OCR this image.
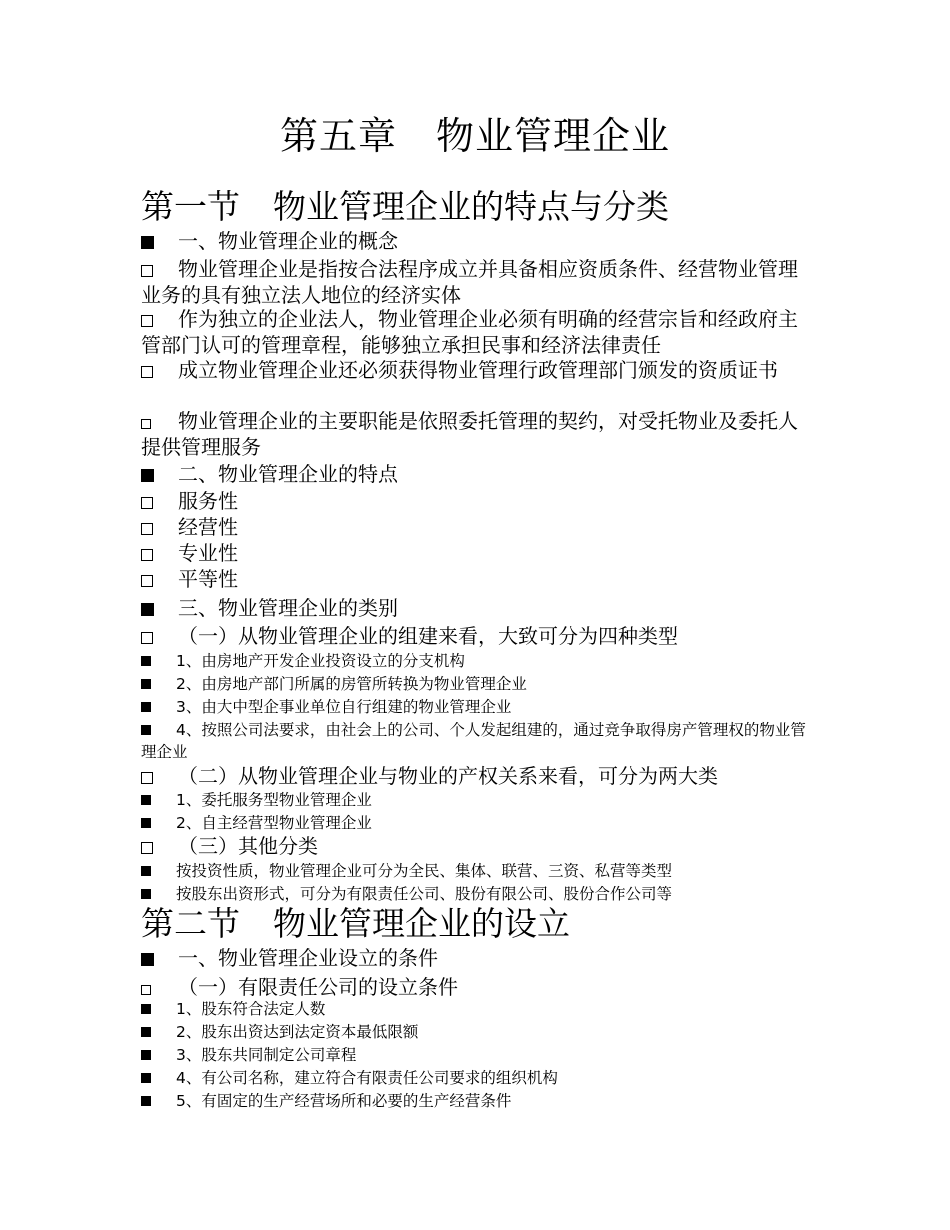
第五章　物业管理企业
第一节　物业管理企业的特点与分类
一、物业管理企业的概念
物业管理企业是指按合法程序成立并具备相应资质条件、经营物业管理业务的具有独立法人地位的经济实体
作为独立的企业法人，物业管理企业必须有明确的经营宗旨和经政府主管部门认可的管理章程，能够独立承担民事和经济法律责任
成立物业管理企业还必须获得物业管理行政管理部门颁发的资质证书
物业管理企业的主要职能是依照委托管理的契约，对受托物业及委托人提供管理服务
二、物业管理企业的特点
服务性
经营性
专业性
平等性
三、物业管理企业的类别
（一）从物业管理企业的组建来看，大致可分为四种类型
1、由房地产开发企业投资设立的分支机构
2、由房地产部门所属的房管所转换为物业管理企业
3、由大中型企事业单位自行组建的物业管理企业
4、按照公司法要求，由社会上的公司、个人发起组建的，通过竞争取得房产管理权的物业管理企业
（二）从物业管理企业与物业的产权关系来看，可分为两大类
1、委托服务型物业管理企业
2、自主经营型物业管理企业
（三）其他分类
按投资性质，物业管理企业可分为全民、集体、联营、三资、私营等类型
按股东出资形式，可分为有限责任公司、股份有限公司、股份合作公司等
第二节　物业管理企业的设立
一、物业管理企业设立的条件
（一）有限责任公司的设立条件
1、股东符合法定人数
2、股东出资达到法定资本最低限额
3、股东共同制定公司章程
4、有公司名称，建立符合有限责任公司要求的组织机构
5、有固定的生产经营场所和必要的生产经营条件
